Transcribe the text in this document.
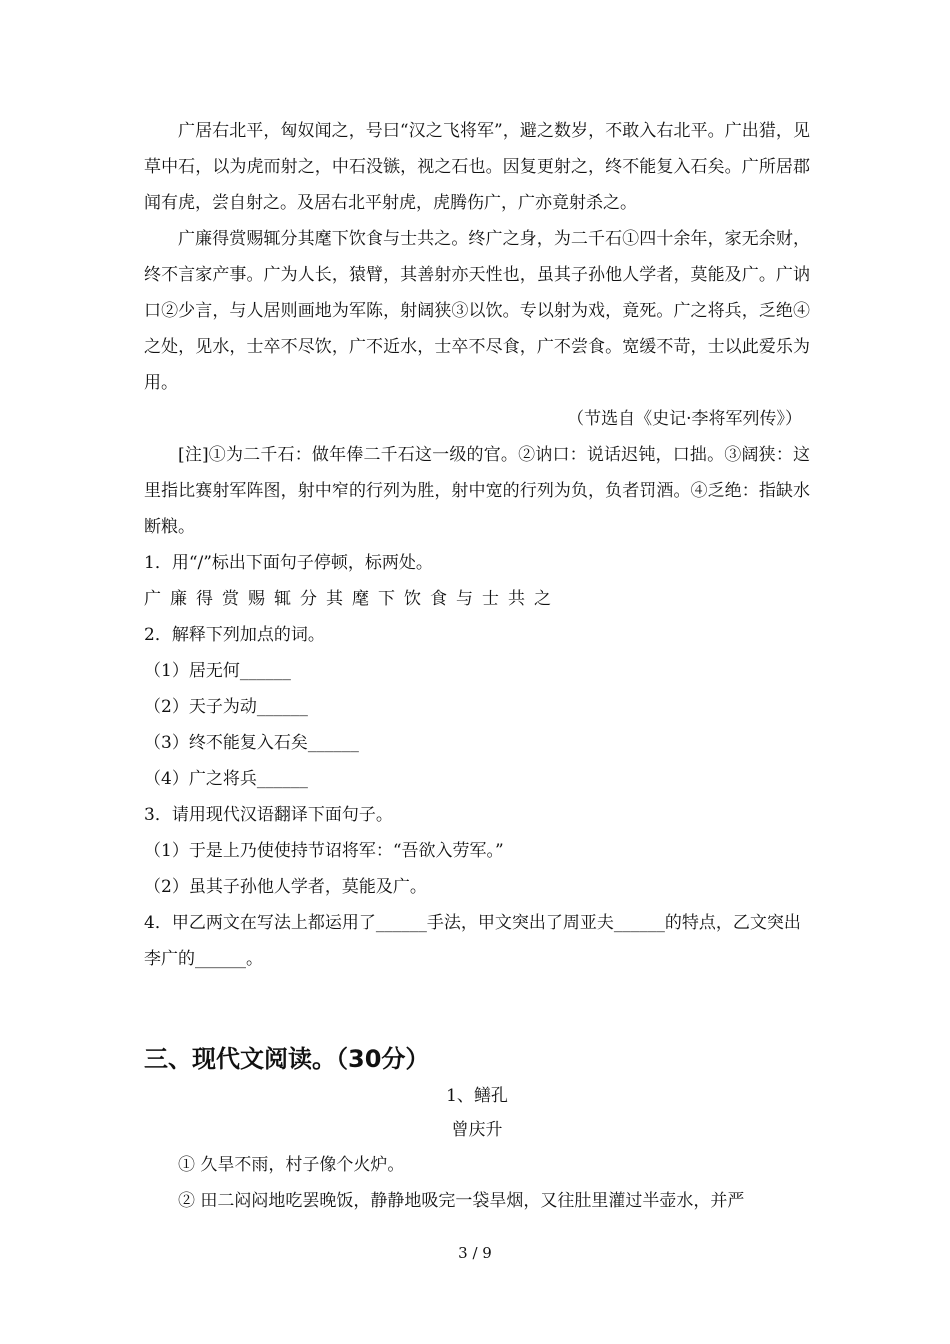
广居右北平，匈奴闻之，号曰“汉之飞将军”，避之数岁，不敢入右北平。广出猎，见草中石，以为虎而射之，中石没镞，视之石也。因复更射之，终不能复入石矣。广所居郡闻有虎，尝自射之。及居右北平射虎，虎腾伤广，广亦竟射杀之。

广廉得赏赐辄分其麾下饮食与士共之。终广之身，为二千石①四十余年，家无余财，终不言家产事。广为人长，猿臂，其善射亦天性也，虽其子孙他人学者，莫能及广。广讷口②少言，与人居则画地为军陈，射阔狭③以饮。专以射为戏，竟死。广之将兵，乏绝④之处，见水，士卒不尽饮，广不近水，士卒不尽食，广不尝食。宽缓不苛，士以此爱乐为用。

（节选自《史记·李将军列传》）

[注]①为二千石：做年俸二千石这一级的官。②讷口：说话迟钝，口拙。③阔狭：这里指比赛射军阵图，射中窄的行列为胜，射中宽的行列为负，负者罚酒。④乏绝：指缺水断粮。

1．用“/”标出下面句子停顿，标两处。

广廉得赏赐辄分其麾下饮食与士共之

2．解释下列加点的词。

（1）居无何______

（2）天子为动______

（3）终不能复入石矣______

（4）广之将兵______

3．请用现代汉语翻译下面句子。

（1）于是上乃使使持节诏将军：“吾欲入劳军。”

（2）虽其子孙他人学者，莫能及广。

4．甲乙两文在写法上都运用了______手法，甲文突出了周亚夫______的特点，乙文突出李广的______。

三、现代文阅读。（30分）

1、鳝孔

曾庆升

① 久旱不雨，村子像个火炉。

② 田二闷闷地吃罢晚饭，静静地吸完一袋旱烟，又往肚里灌过半壶水，并严

3 / 9
